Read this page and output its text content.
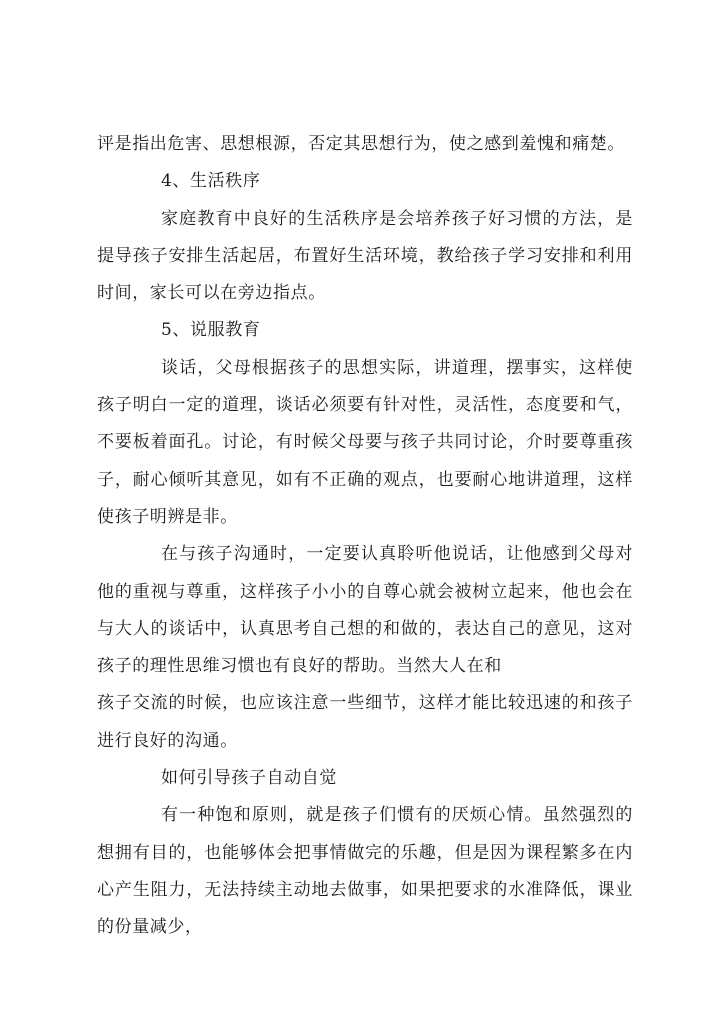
评是指出危害、思想根源，否定其思想行为，使之感到羞愧和痛楚。

4、生活秩序

家庭教育中良好的生活秩序是会培养孩子好习惯的方法，是提导孩子安排生活起居，布置好生活环境，教给孩子学习安排和利用时间，家长可以在旁边指点。

5、说服教育

谈话，父母根据孩子的思想实际，讲道理，摆事实，这样使孩子明白一定的道理，谈话必须要有针对性，灵活性，态度要和气，不要板着面孔。讨论，有时候父母要与孩子共同讨论，介时要尊重孩子，耐心倾听其意见，如有不正确的观点，也要耐心地讲道理，这样使孩子明辨是非。

在与孩子沟通时，一定要认真聆听他说话，让他感到父母对他的重视与尊重，这样孩子小小的自尊心就会被树立起来，他也会在与大人的谈话中，认真思考自己想的和做的，表达自己的意见，这对孩子的理性思维习惯也有良好的帮助。当然大人在和

孩子交流的时候，也应该注意一些细节，这样才能比较迅速的和孩子进行良好的沟通。

如何引导孩子自动自觉

有一种饱和原则，就是孩子们惯有的厌烦心情。虽然强烈的想拥有目的，也能够体会把事情做完的乐趣，但是因为课程繁多在内心产生阻力，无法持续主动地去做事，如果把要求的水准降低，课业的份量减少，
